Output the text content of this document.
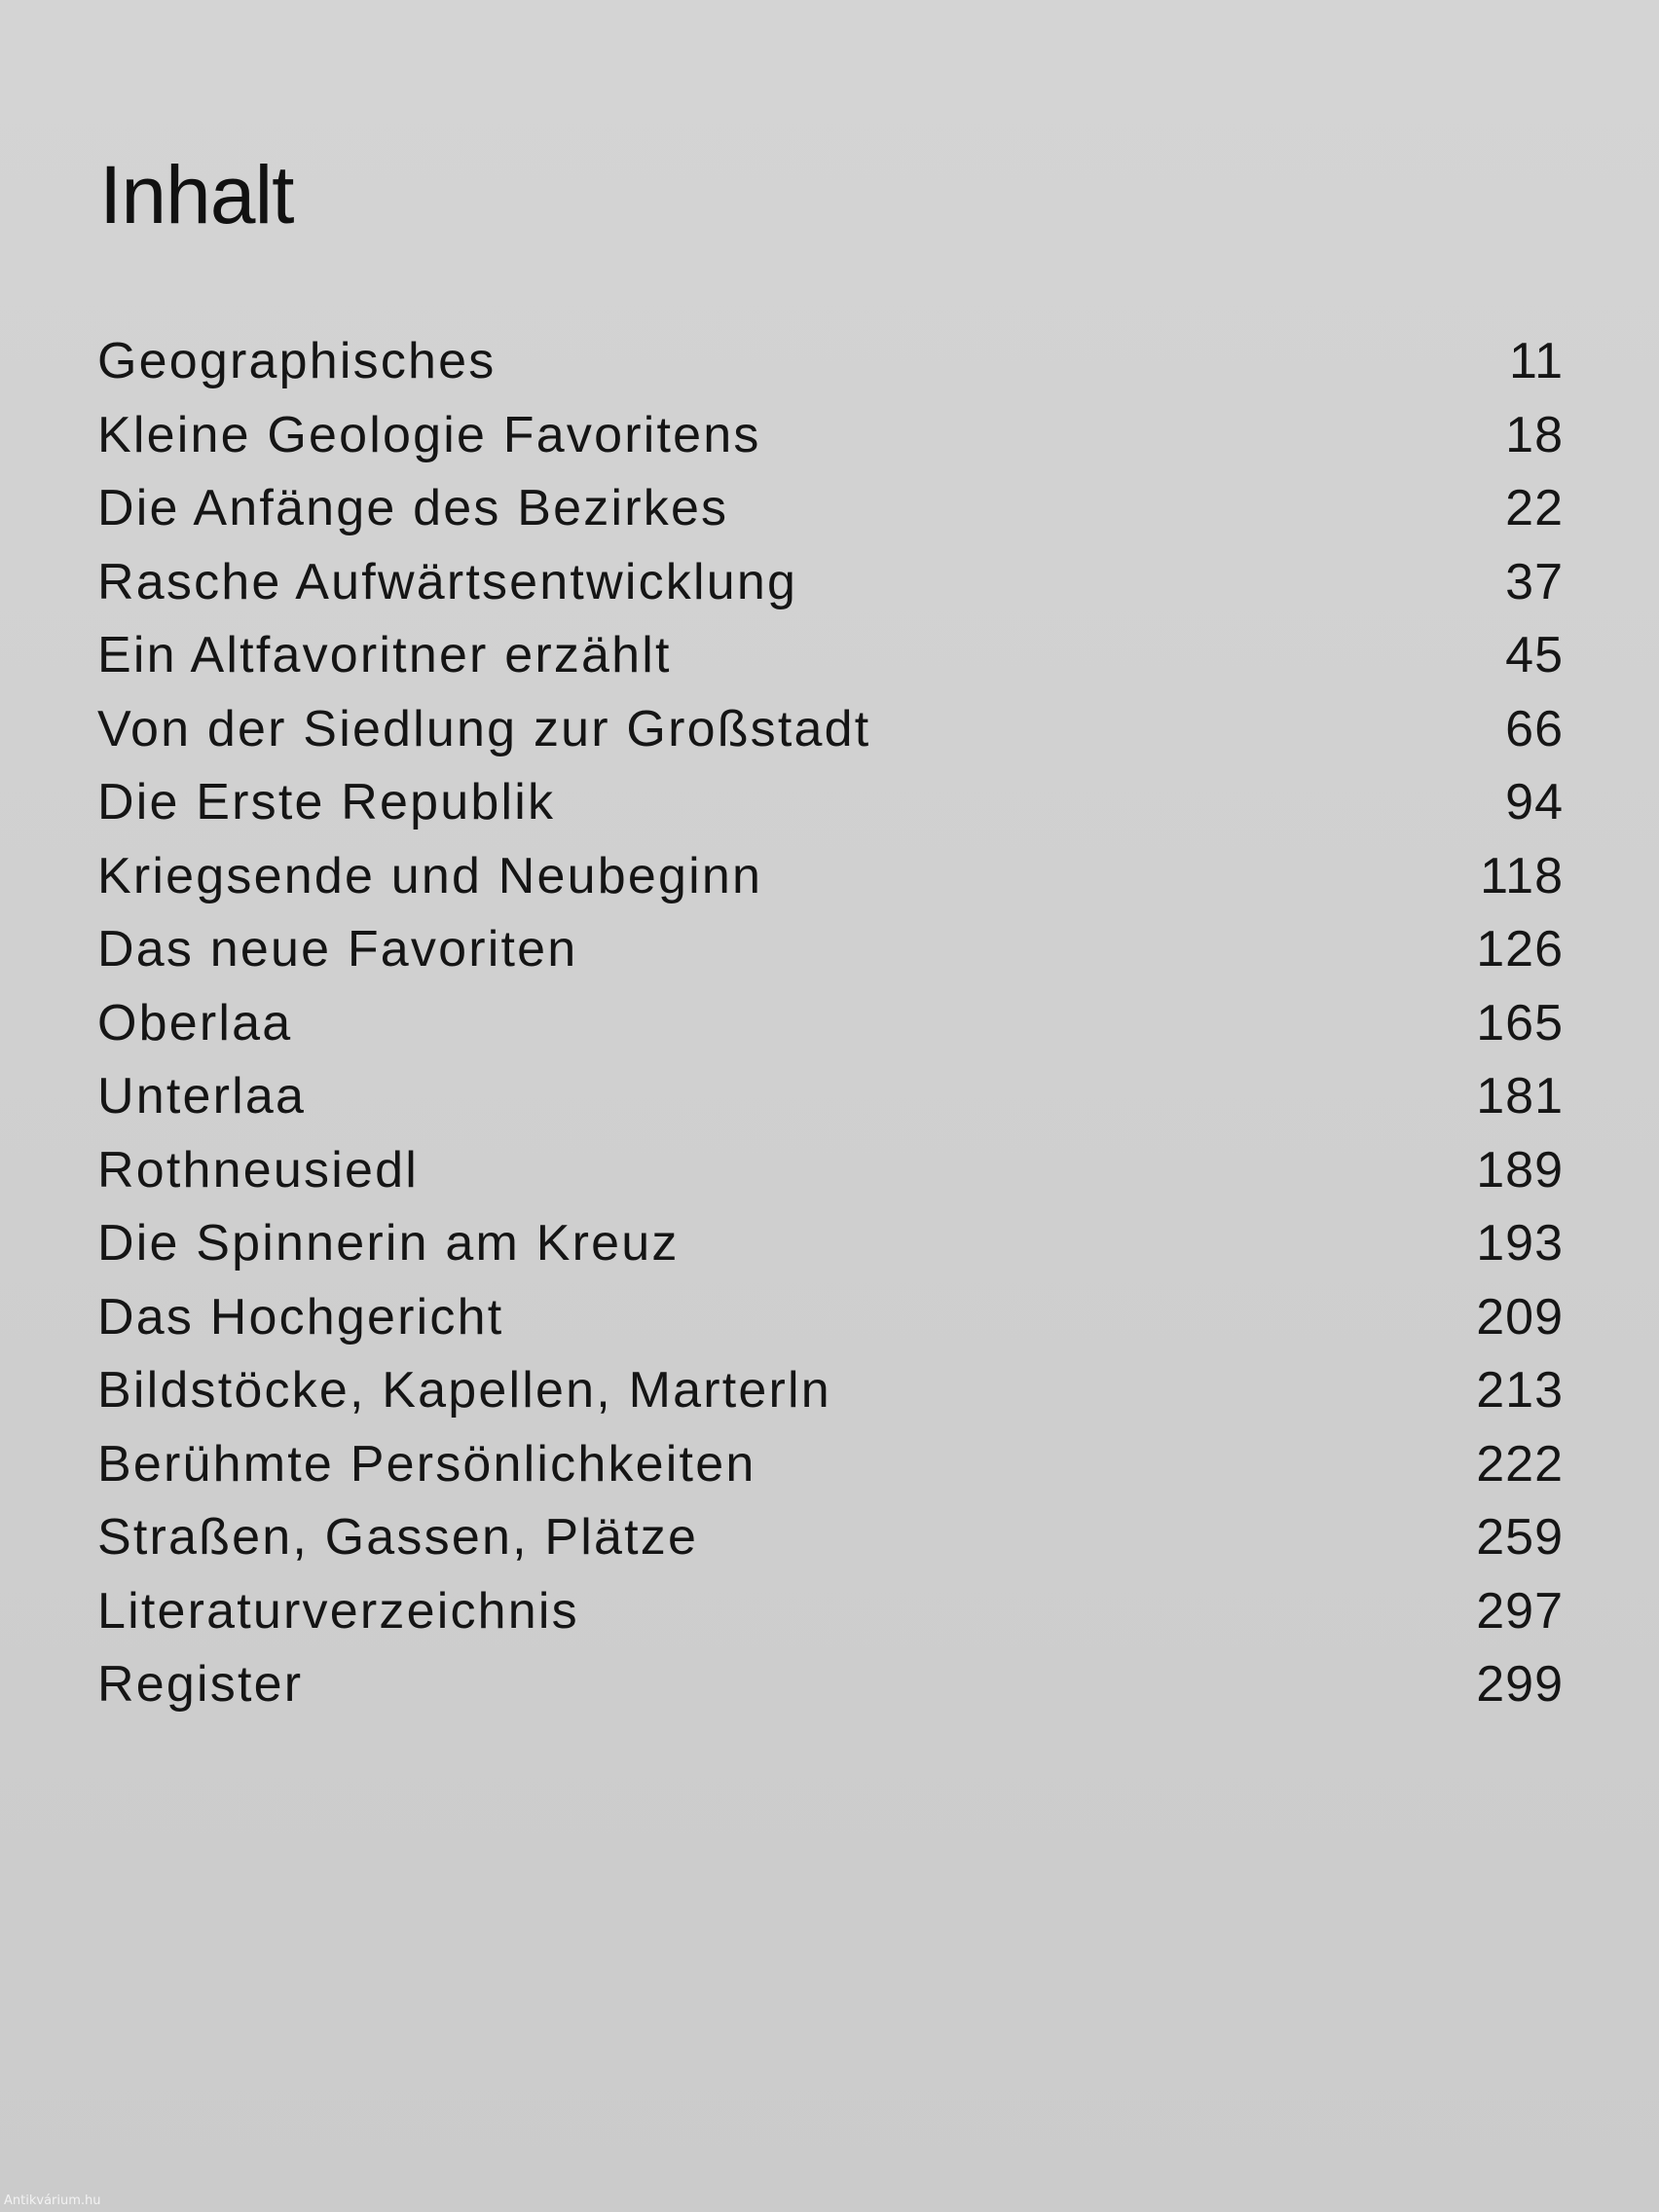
Inhalt
Geographisches	11
Kleine Geologie Favoritens	18
Die Anfänge des Bezirkes	22
Rasche Aufwärtsentwicklung	37
Ein Altfavoritner erzählt	45
Von der Siedlung zur Großstadt	66
Die Erste Republik	94
Kriegsende und Neubeginn	118
Das neue Favoriten	126
Oberlaa	165
Unterlaa	181
Rothneusiedl	189
Die Spinnerin am Kreuz	193
Das Hochgericht	209
Bildstöcke, Kapellen, Marterln	213
Berühmte Persönlichkeiten	222
Straßen, Gassen, Plätze	259
Literaturverzeichnis	297
Register	299
Antikvárium.hu
